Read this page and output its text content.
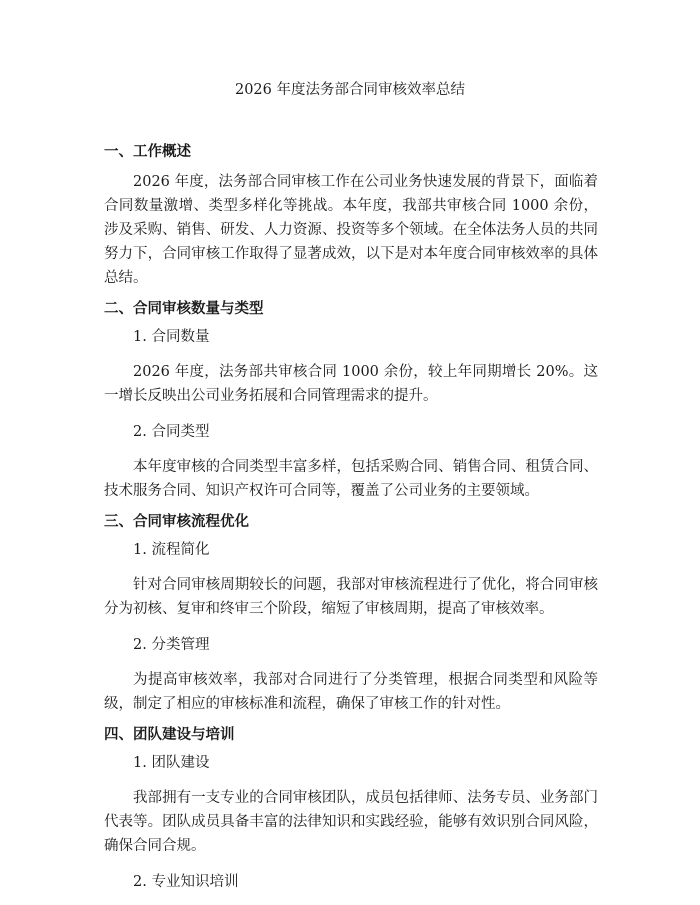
2026 年度法务部合同审核效率总结
一、工作概述

2026 年度，法务部合同审核工作在公司业务快速发展的背景下，面临着合同数量激增、类型多样化等挑战。本年度，我部共审核合同 1000 余份，涉及采购、销售、研发、人力资源、投资等多个领域。在全体法务人员的共同努力下，合同审核工作取得了显著成效，以下是对本年度合同审核效率的具体总结。

二、合同审核数量与类型
1. 合同数量

2026 年度，法务部共审核合同 1000 余份，较上年同期增长 20%。这一增长反映出公司业务拓展和合同管理需求的提升。

2. 合同类型

本年度审核的合同类型丰富多样，包括采购合同、销售合同、租赁合同、技术服务合同、知识产权许可合同等，覆盖了公司业务的主要领域。

三、合同审核流程优化
1. 流程简化

针对合同审核周期较长的问题，我部对审核流程进行了优化，将合同审核分为初核、复审和终审三个阶段，缩短了审核周期，提高了审核效率。

2. 分类管理

为提高审核效率，我部对合同进行了分类管理，根据合同类型和风险等级，制定了相应的审核标准和流程，确保了审核工作的针对性。

四、团队建设与培训
1. 团队建设

我部拥有一支专业的合同审核团队，成员包括律师、法务专员、业务部门代表等。团队成员具备丰富的法律知识和实践经验，能够有效识别合同风险，确保合同合规。

2. 专业知识培训
